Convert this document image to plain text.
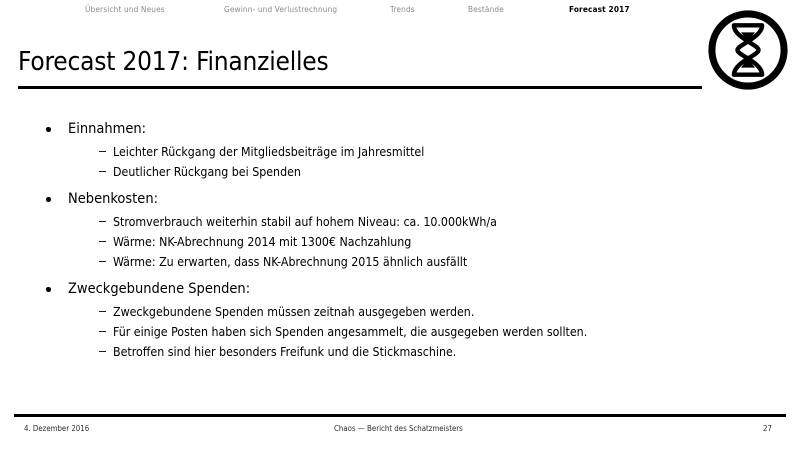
Übersicht und Neues	Gewinn- und Verlustrechnung	Trends	Bestände	Forecast 2017
Forecast 2017: Finanzielles
Einnahmen:
Leichter Rückgang der Mitgliedsbeiträge im Jahresmittel
Deutlicher Rückgang bei Spenden
Nebenkosten:
Stromverbrauch weiterhin stabil auf hohem Niveau: ca. 10.000kWh/a
Wärme: NK-Abrechnung 2014 mit 1300€ Nachzahlung
Wärme: Zu erwarten, dass NK-Abrechnung 2015 ähnlich ausfällt
Zweckgebundene Spenden:
Zweckgebundene Spenden müssen zeitnah ausgegeben werden.
Für einige Posten haben sich Spenden angesammelt, die ausgegeben werden sollten.
Betroffen sind hier besonders Freifunk und die Stickmaschine.
4. Dezember 2016	Chaos — Bericht des Schatzmeisters	27
